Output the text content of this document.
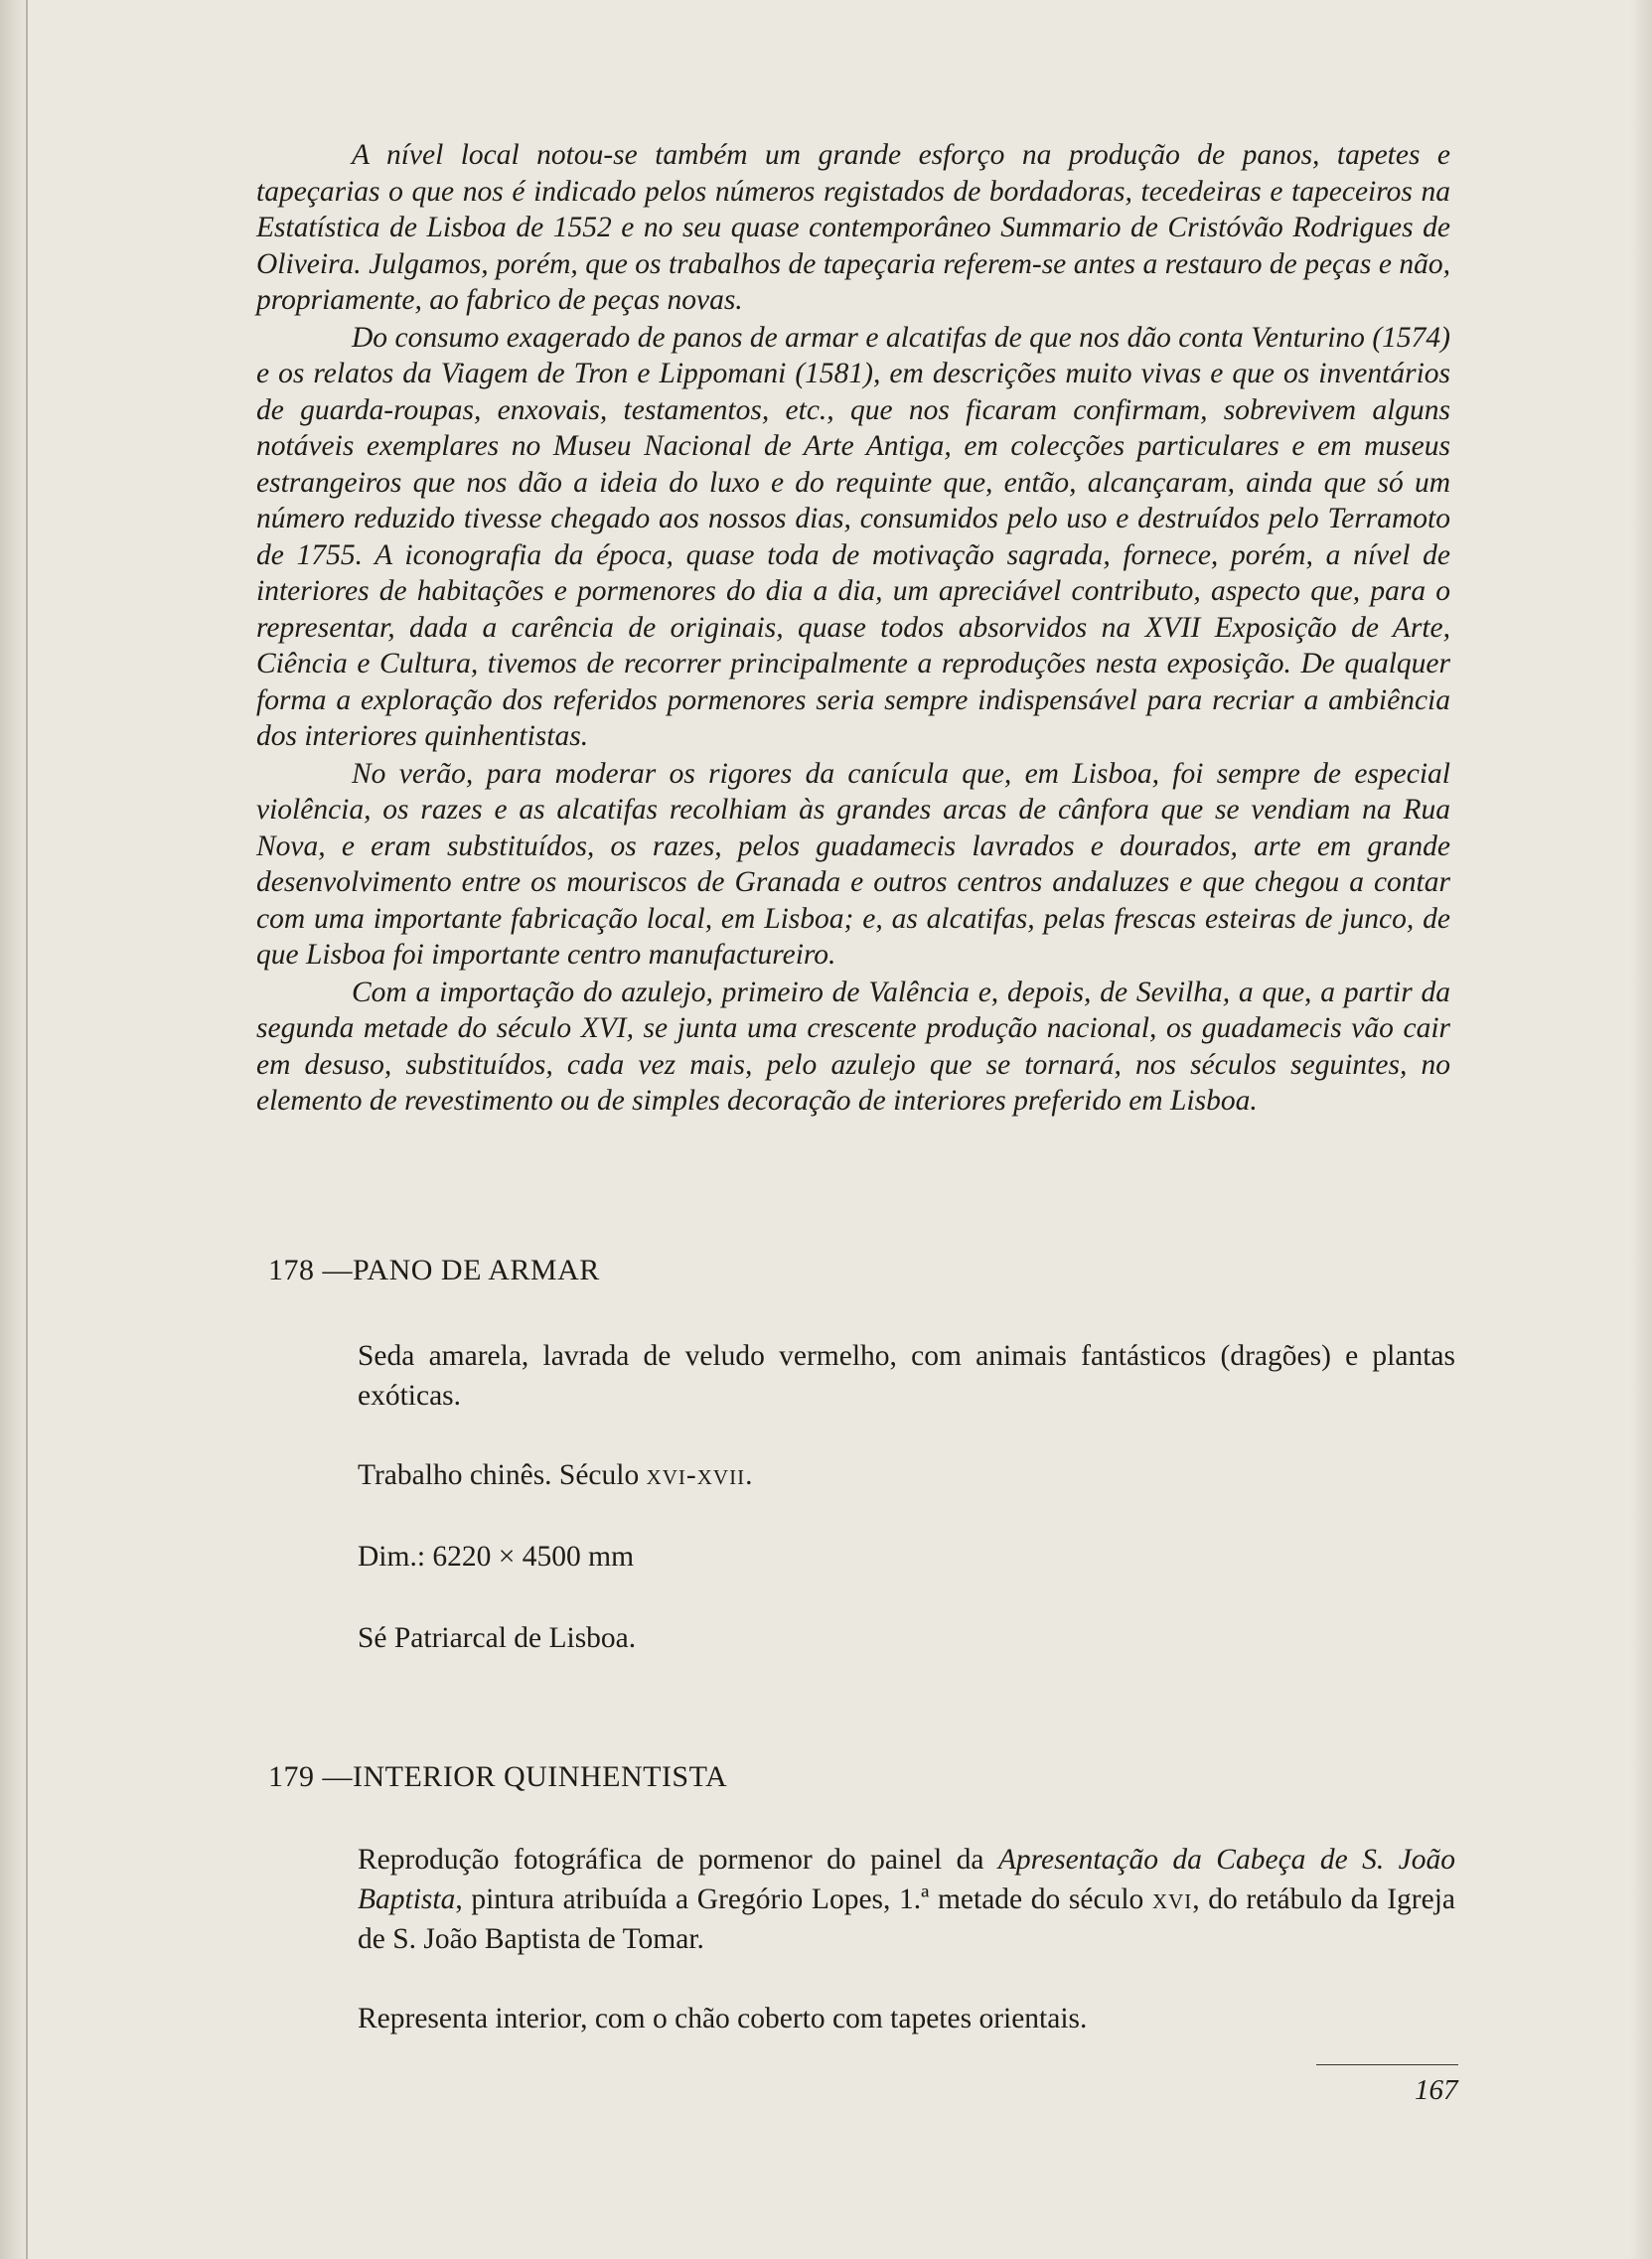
A nível local notou-se também um grande esforço na produção de panos, tapetes e tapeçarias o que nos é indicado pelos números registados de bordadoras, tecedeiras e tapeceiros na Estatística de Lisboa de 1552 e no seu quase contemporâneo Summario de Cristóvão Rodrigues de Oliveira. Julgamos, porém, que os trabalhos de tapeçaria referem-se antes a restauro de peças e não, propriamente, ao fabrico de peças novas.

Do consumo exagerado de panos de armar e alcatifas de que nos dão conta Venturino (1574) e os relatos da Viagem de Tron e Lippomani (1581), em descrições muito vivas e que os inventários de guarda-roupas, enxovais, testamentos, etc., que nos ficaram confirmam, sobrevivem alguns notáveis exemplares no Museu Nacional de Arte Antiga, em colecções particulares e em museus estrangeiros que nos dão a ideia do luxo e do requinte que, então, alcançaram, ainda que só um número reduzido tivesse chegado aos nossos dias, consumidos pelo uso e destruídos pelo Terramoto de 1755. A iconografia da época, quase toda de motivação sagrada, fornece, porém, a nível de interiores de habitações e pormenores do dia a dia, um apreciável contributo, aspecto que, para o representar, dada a carência de originais, quase todos absorvidos na XVII Exposição de Arte, Ciência e Cultura, tivemos de recorrer principalmente a reproduções nesta exposição. De qualquer forma a exploração dos referidos pormenores seria sempre indispensável para recriar a ambiência dos interiores quinhentistas.

No verão, para moderar os rigores da canícula que, em Lisboa, foi sempre de especial violência, os razes e as alcatifas recolhiam às grandes arcas de cânfora que se vendiam na Rua Nova, e eram substituídos, os razes, pelos guadamecis lavrados e dourados, arte em grande desenvolvimento entre os mouriscos de Granada e outros centros andaluzes e que chegou a contar com uma importante fabricação local, em Lisboa; e, as alcatifas, pelas frescas esteiras de junco, de que Lisboa foi importante centro manufactureiro.

Com a importação do azulejo, primeiro de Valência e, depois, de Sevilha, a que, a partir da segunda metade do século XVI, se junta uma crescente produção nacional, os guadamecis vão cair em desuso, substituídos, cada vez mais, pelo azulejo que se tornará, nos séculos seguintes, no elemento de revestimento ou de simples decoração de interiores preferido em Lisboa.

178 —PANO DE ARMAR

Seda amarela, lavrada de veludo vermelho, com animais fantásticos (dragões) e plantas exóticas.

Trabalho chinês. Século xvi-xvii.

Dim.: 6220 × 4500 mm

Sé Patriarcal de Lisboa.

179 —INTERIOR QUINHENTISTA

Reprodução fotográfica de pormenor do painel da Apresentação da Cabeça de S. João Baptista, pintura atribuída a Gregório Lopes, 1.ª metade do século xvi, do retábulo da Igreja de S. João Baptista de Tomar.

Representa interior, com o chão coberto com tapetes orientais.

167
